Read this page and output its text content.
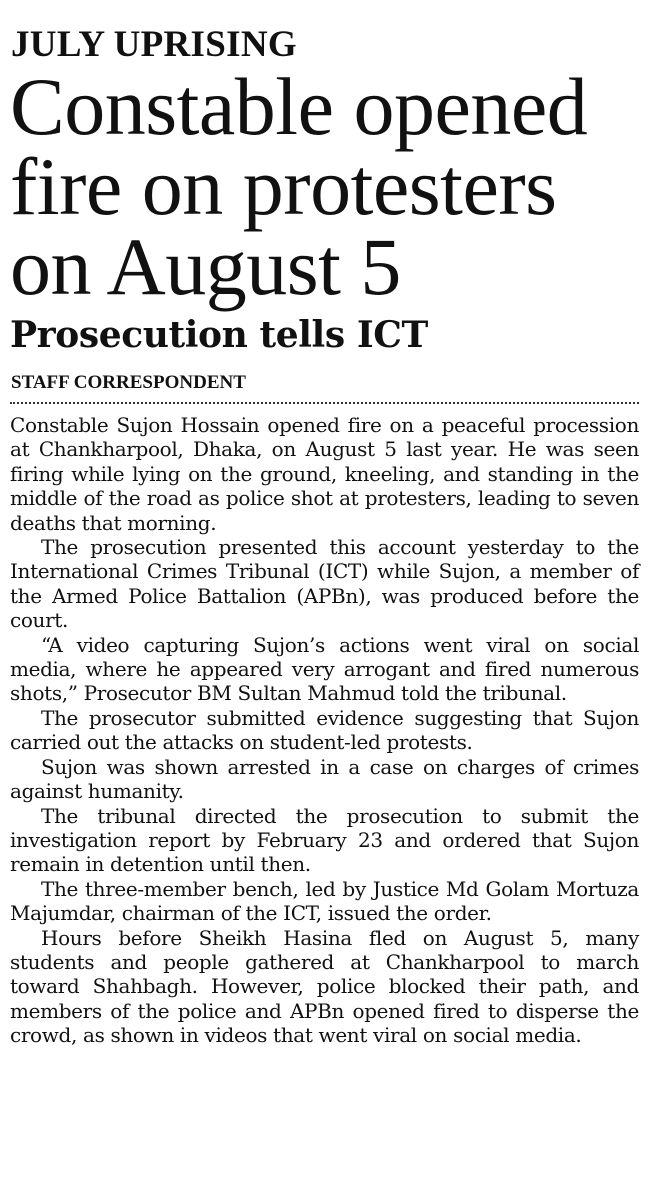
JULY UPRISING
Constable opened
fire on protesters
on August 5
Prosecution tells ICT
STAFF CORRESPONDENT

Constable Sujon Hossain opened fire on a peaceful procession at Chankharpool, Dhaka, on August 5 last year. He was seen firing while lying on the ground, kneeling, and standing in the middle of the road as police shot at protesters, leading to seven deaths that morning.

The prosecution presented this account yesterday to the International Crimes Tribunal (ICT) while Sujon, a member of the Armed Police Battalion (APBn), was produced before the court.

“A video capturing Sujon’s actions went viral on social media, where he appeared very arrogant and fired numerous shots,” Prosecutor BM Sultan Mahmud told the tribunal.

The prosecutor submitted evidence suggesting that Sujon carried out the attacks on student-led protests.

Sujon was shown arrested in a case on charges of crimes against humanity.

The tribunal directed the prosecution to submit the investigation report by February 23 and ordered that Sujon remain in detention until then.

The three-member bench, led by Justice Md Golam Mortuza Majumdar, chairman of the ICT, issued the order.

Hours before Sheikh Hasina fled on August 5, many students and people gathered at Chankharpool to march toward Shahbagh. However, police blocked their path, and members of the police and APBn opened fired to disperse the crowd, as shown in videos that went viral on social media.
